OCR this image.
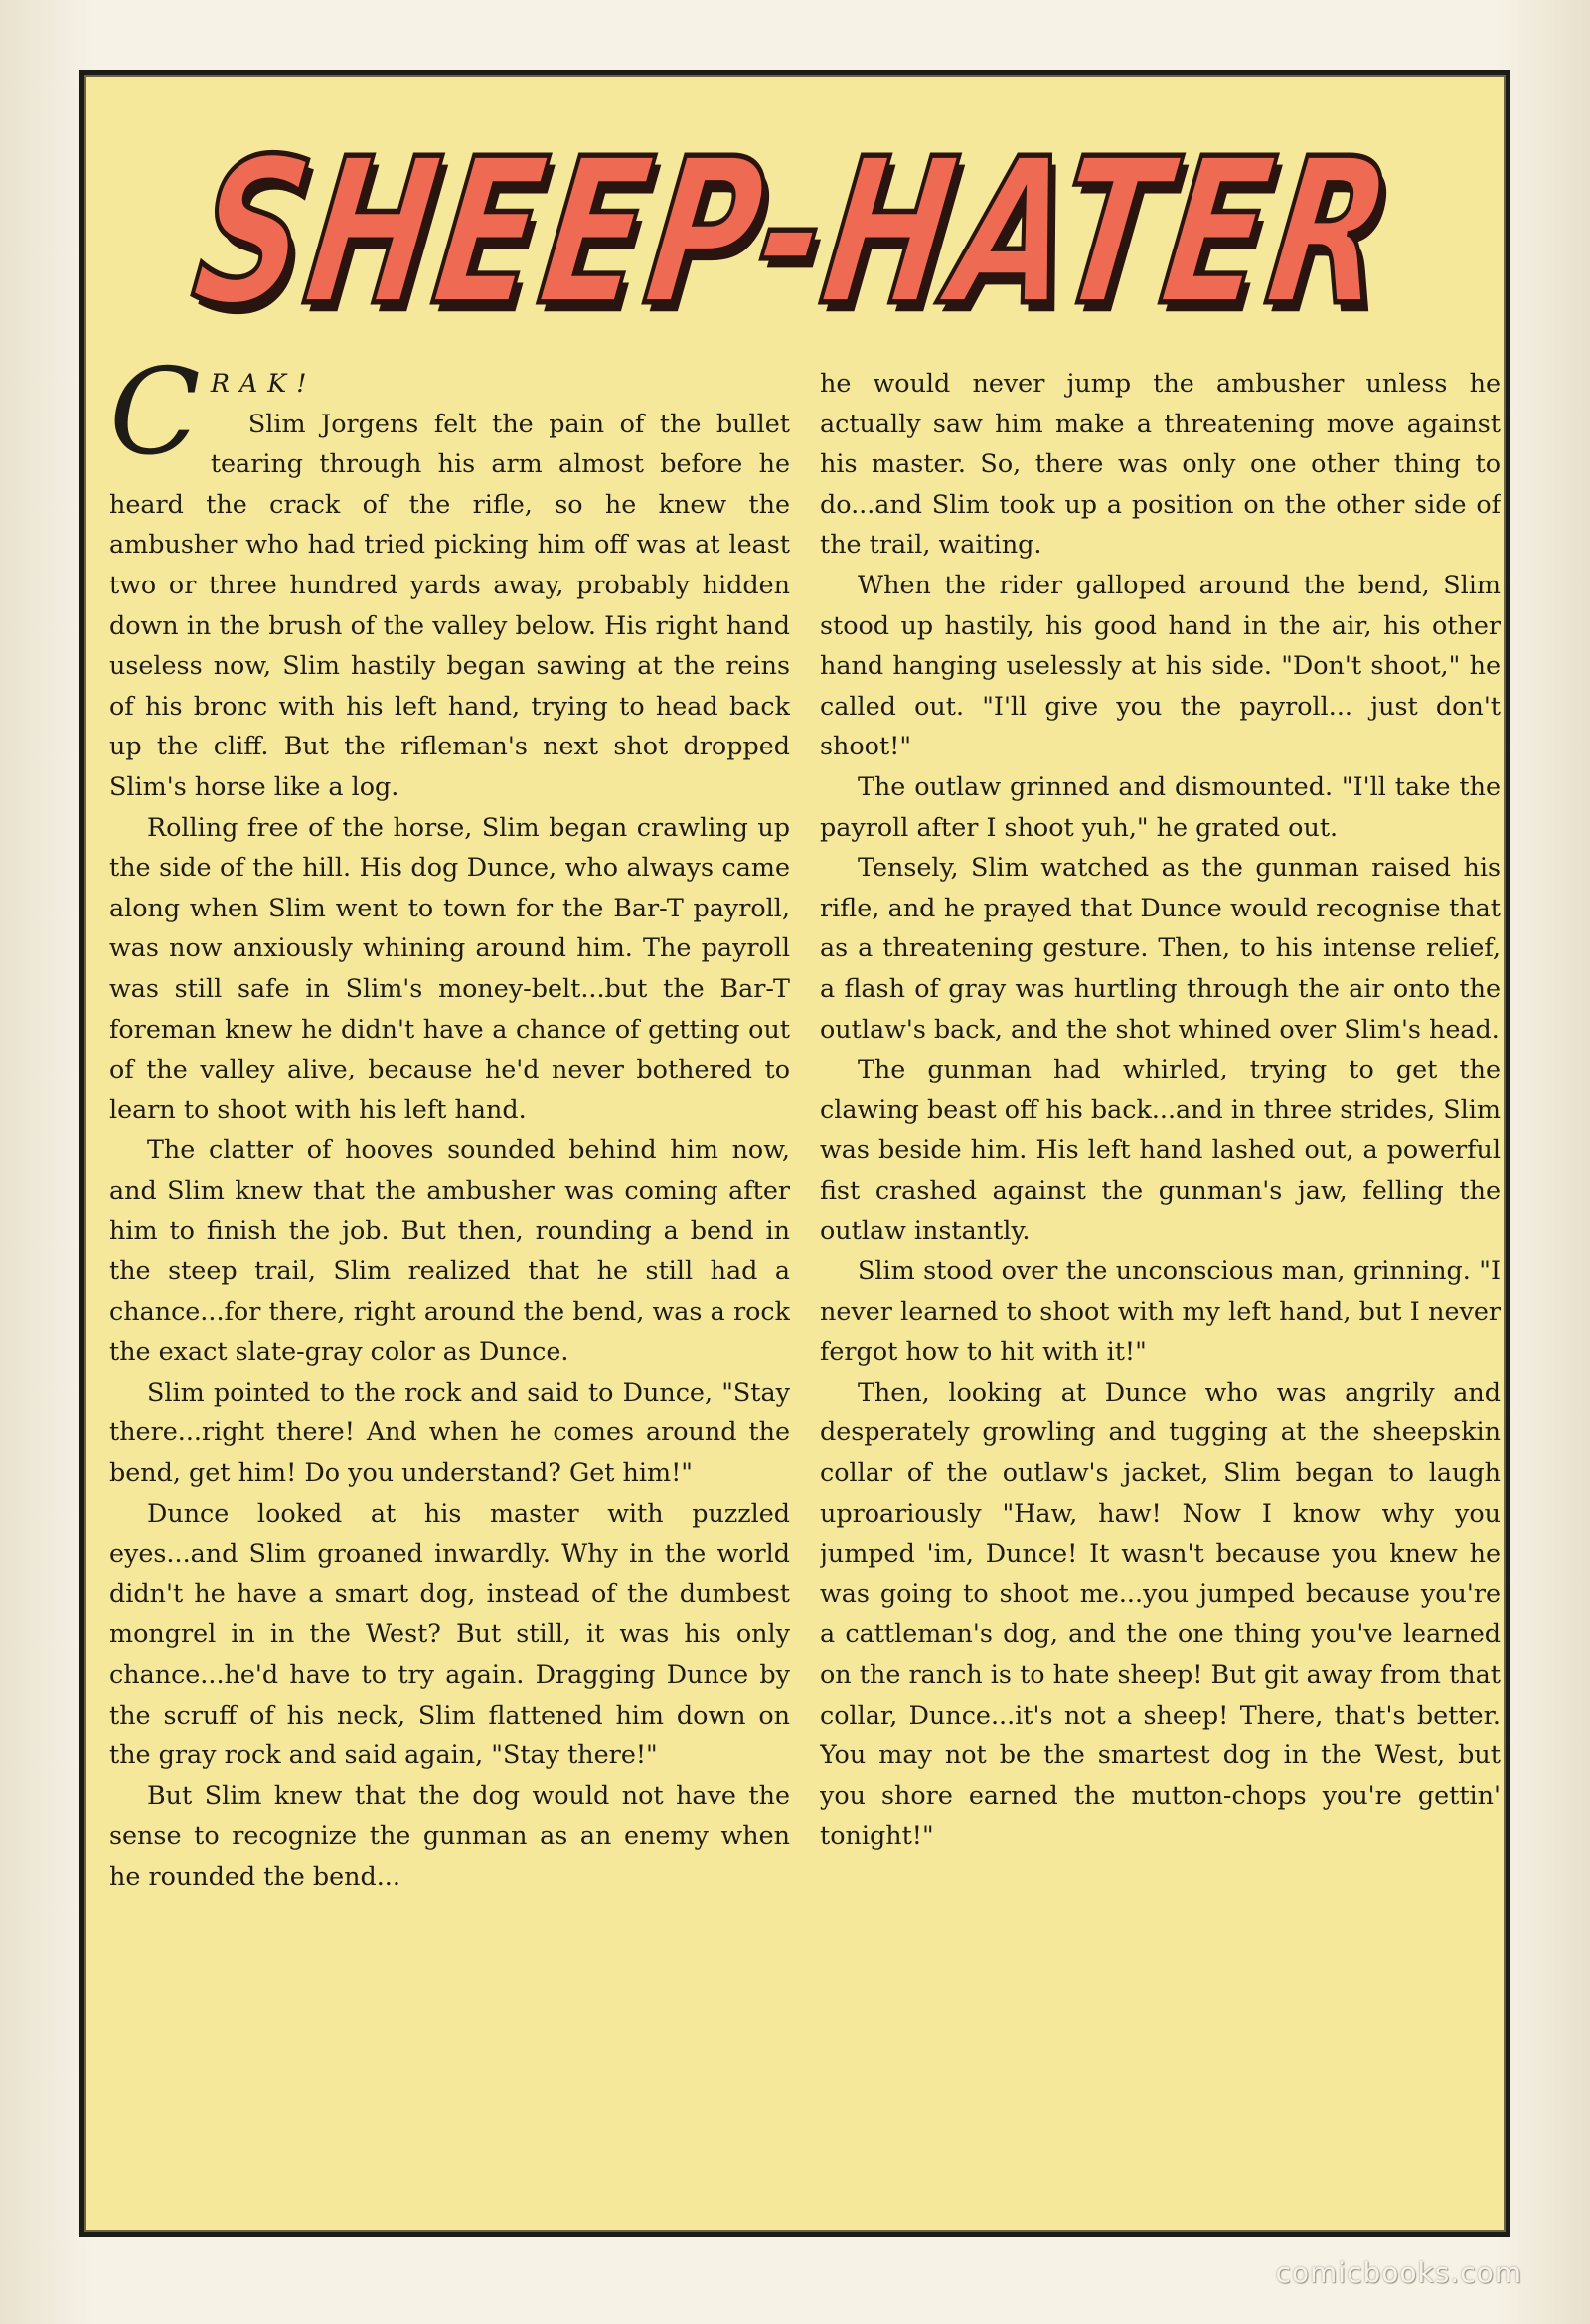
SHEEP-HATER

CRAK!

Slim Jorgens felt the pain of the bullet tearing through his arm almost before he heard the crack of the rifle, so he knew the ambusher who had tried picking him off was at least two or three hundred yards away, probably hidden down in the brush of the valley below. His right hand useless now, Slim hastily began sawing at the reins of his bronc with his left hand, trying to head back up the cliff. But the rifleman's next shot dropped Slim's horse like a log.

Rolling free of the horse, Slim began crawling up the side of the hill. His dog Dunce, who always came along when Slim went to town for the Bar-T payroll, was now anxiously whining around him. The payroll was still safe in Slim's money-belt...but the Bar-T foreman knew he didn't have a chance of getting out of the valley alive, because he'd never bothered to learn to shoot with his left hand.

The clatter of hooves sounded behind him now, and Slim knew that the ambusher was coming after him to finish the job. But then, rounding a bend in the steep trail, Slim realized that he still had a chance...for there, right around the bend, was a rock the exact slate-gray color as Dunce.

Slim pointed to the rock and said to Dunce, "Stay there...right there! And when he comes around the bend, get him! Do you understand? Get him!"

Dunce looked at his master with puzzled eyes...and Slim groaned inwardly. Why in the world didn't he have a smart dog, instead of the dumbest mongrel in in the West? But still, it was his only chance...he'd have to try again. Dragging Dunce by the scruff of his neck, Slim flattened him down on the gray rock and said again, "Stay there!"

But Slim knew that the dog would not have the sense to recognize the gunman as an enemy when he rounded the bend...

he would never jump the ambusher unless he actually saw him make a threatening move against his master. So, there was only one other thing to do...and Slim took up a position on the other side of the trail, waiting.

When the rider galloped around the bend, Slim stood up hastily, his good hand in the air, his other hand hanging uselessly at his side. "Don't shoot," he called out. "I'll give you the payroll... just don't shoot!"

The outlaw grinned and dismounted. "I'll take the payroll after I shoot yuh," he grated out.

Tensely, Slim watched as the gunman raised his rifle, and he prayed that Dunce would recognise that as a threatening gesture. Then, to his intense relief, a flash of gray was hurtling through the air onto the outlaw's back, and the shot whined over Slim's head.

The gunman had whirled, trying to get the clawing beast off his back...and in three strides, Slim was beside him. His left hand lashed out, a powerful fist crashed against the gunman's jaw, felling the outlaw instantly.

Slim stood over the unconscious man, grinning. "I never learned to shoot with my left hand, but I never fergot how to hit with it!"

Then, looking at Dunce who was angrily and desperately growling and tugging at the sheepskin collar of the outlaw's jacket, Slim began to laugh uproariously "Haw, haw! Now I know why you jumped 'im, Dunce! It wasn't because you knew he was going to shoot me...you jumped because you're a cattleman's dog, and the one thing you've learned on the ranch is to hate sheep! But git away from that collar, Dunce...it's not a sheep! There, that's better. You may not be the smartest dog in the West, but you shore earned the mutton-chops you're gettin' tonight!"

comicbooks.com
